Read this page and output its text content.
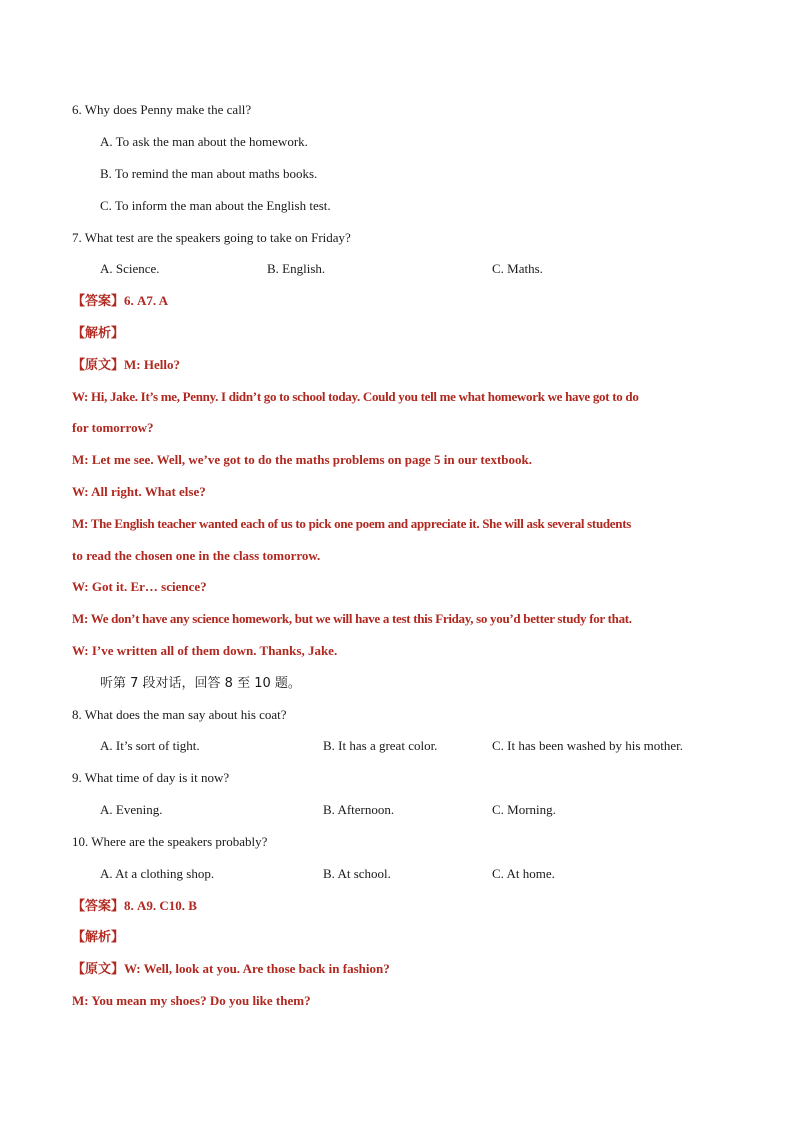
6. Why does Penny make the call?
A. To ask the man about the homework.
B. To remind the man about maths books.
C. To inform the man about the English test.
7. What test are the speakers going to take on Friday?
A. Science.	B. English.	C. Maths.
【答案】6. A7. A
【解析】
【原文】M: Hello?
W: Hi, Jake. It’s me, Penny. I didn’t go to school today. Could you tell me what homework we have got to do
for tomorrow?
M: Let me see. Well, we’ve got to do the maths problems on page 5 in our textbook.
W: All right. What else?
M: The English teacher wanted each of us to pick one poem and appreciate it. She will ask several students
to read the chosen one in the class tomorrow.
W: Got it. Er… science?
M: We don’t have any science homework, but we will have a test this Friday, so you’d better study for that.
W: I’ve written all of them down. Thanks, Jake.
听第 7 段对话，回答 8 至 10 题。
8. What does the man say about his coat?
A. It’s sort of tight.	B. It has a great color.	C. It has been washed by his mother.
9. What time of day is it now?
A. Evening.	B. Afternoon.	C. Morning.
10. Where are the speakers probably?
A. At a clothing shop.	B. At school.	C. At home.
【答案】8. A9. C10. B
【解析】
【原文】W: Well, look at you. Are those back in fashion?
M: You mean my shoes? Do you like them?
